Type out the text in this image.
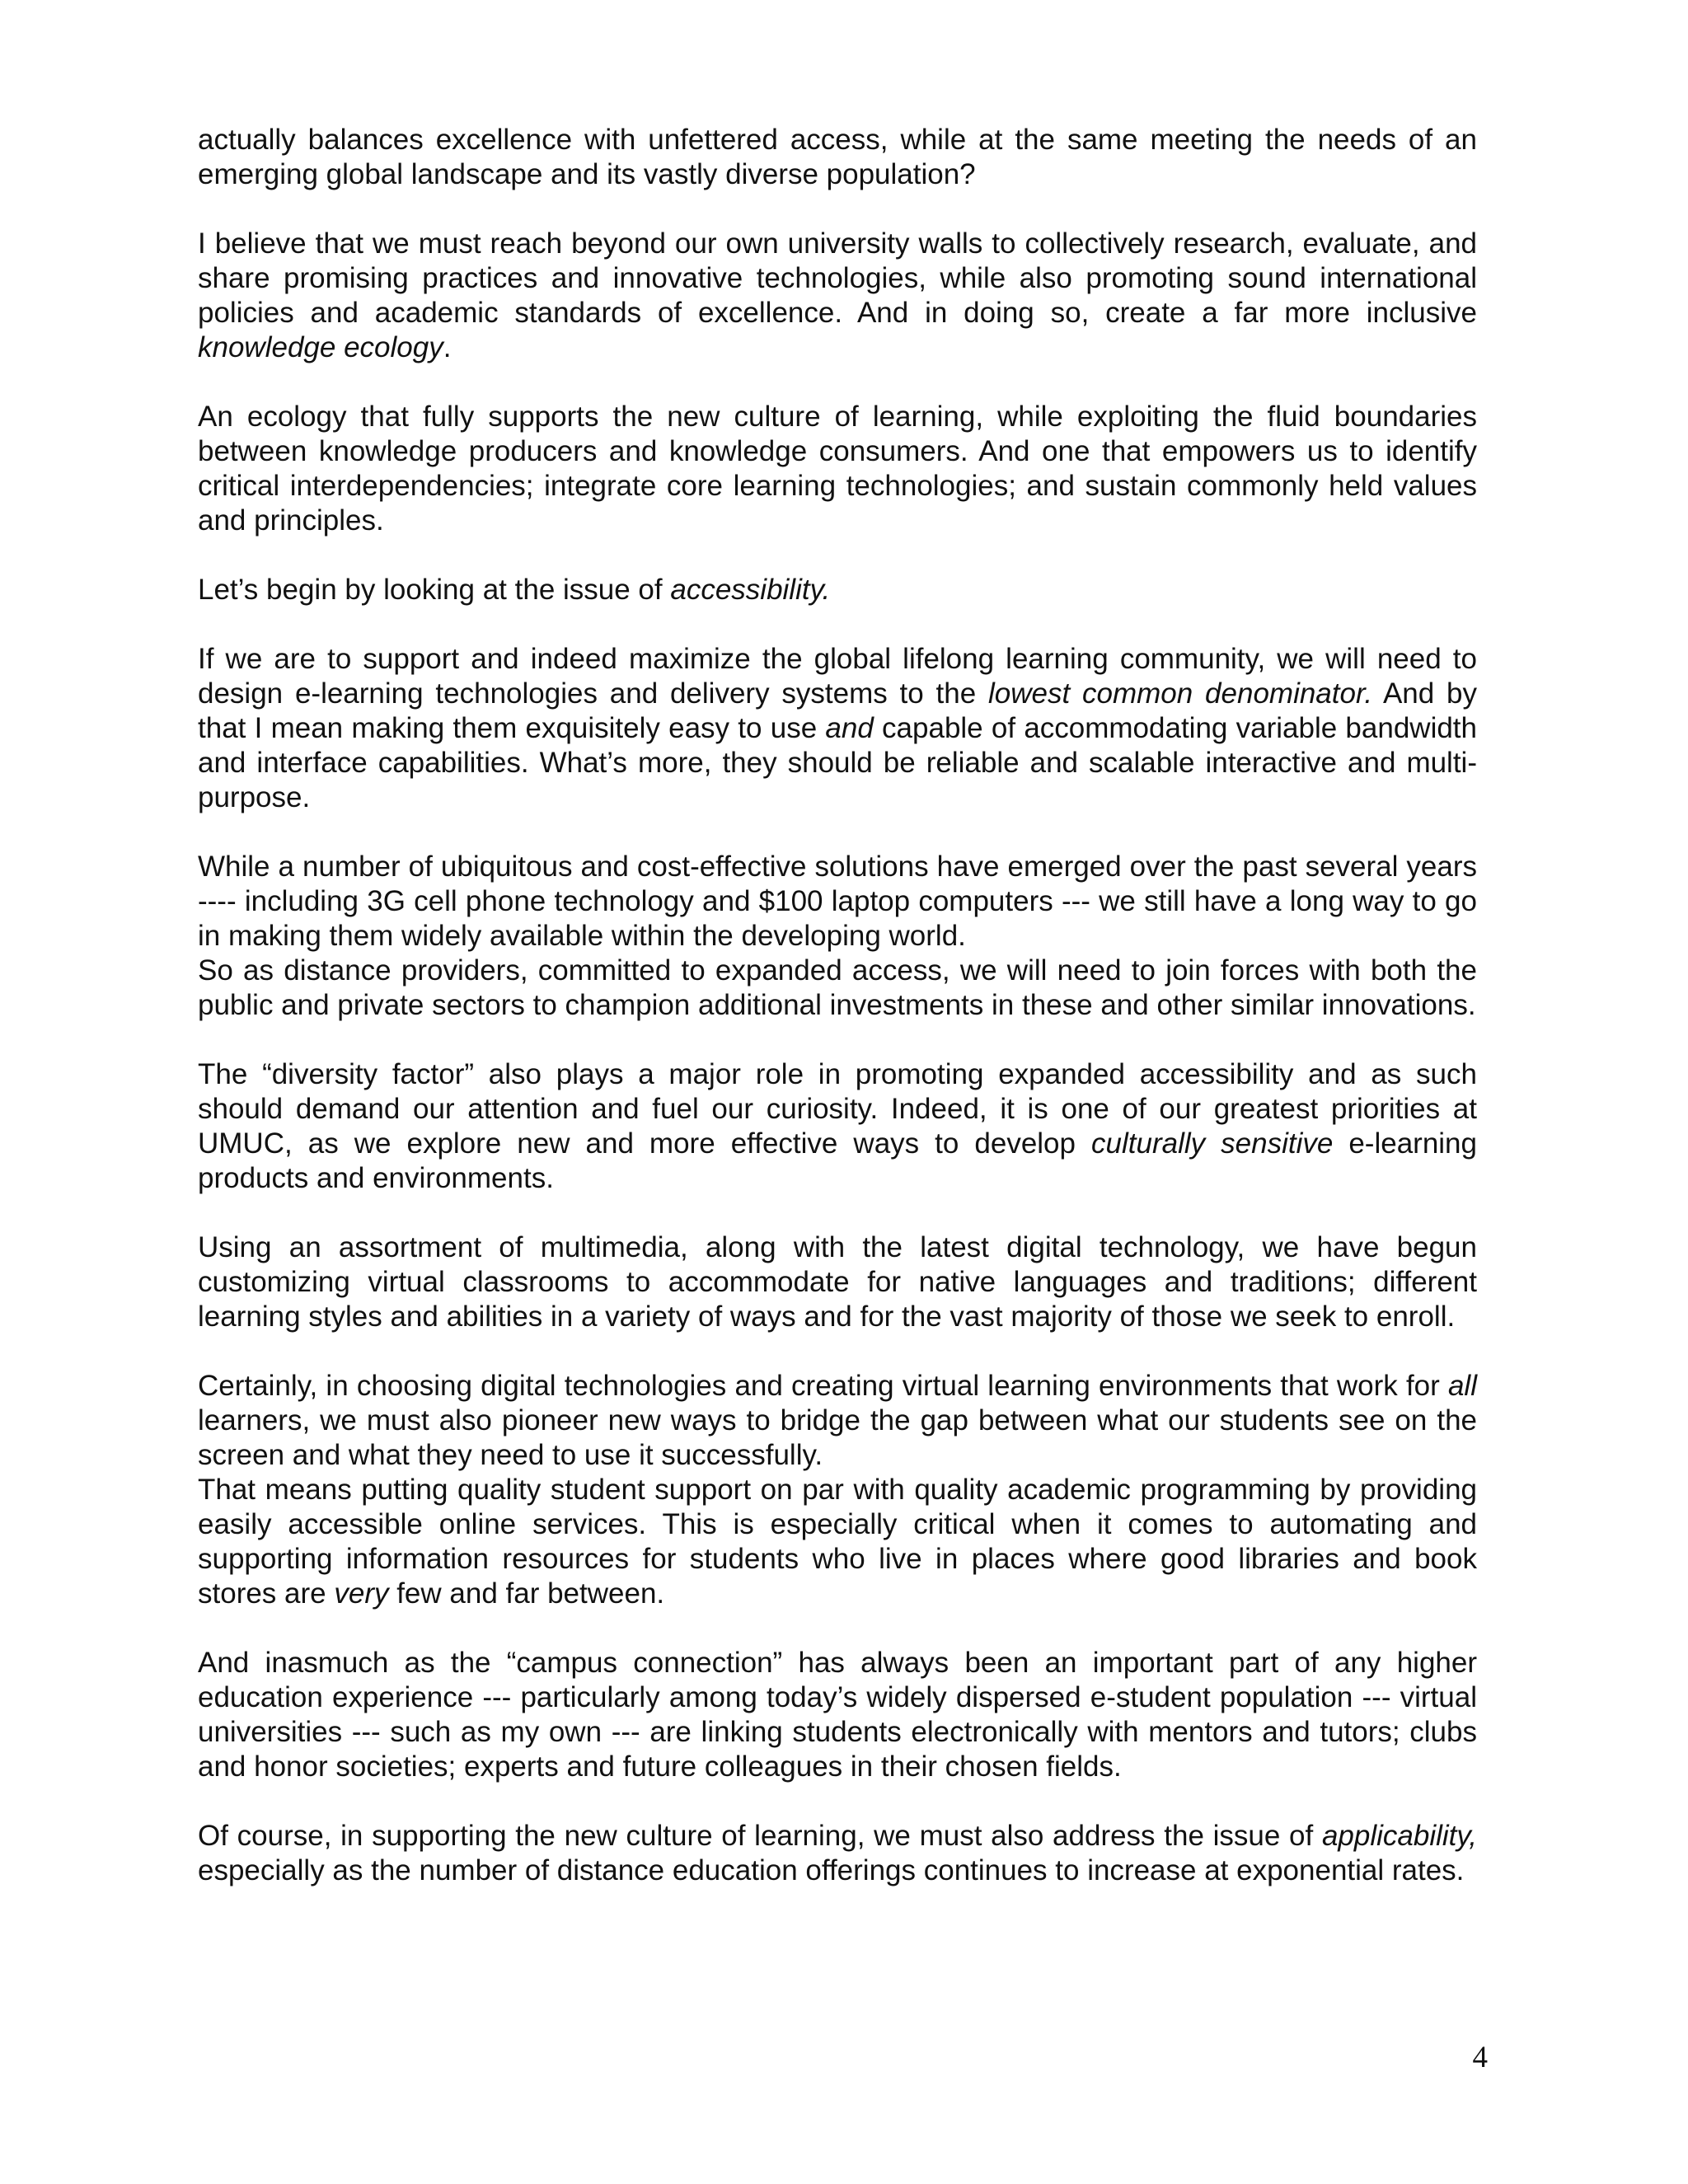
actually balances excellence with unfettered access, while at the same meeting the needs of an emerging global landscape and its vastly diverse population?

I believe that we must reach beyond our own university walls to collectively research, evaluate, and share promising practices and innovative technologies, while also promoting sound international policies and academic standards of excellence. And in doing so, create a far more inclusive knowledge ecology.

An ecology that fully supports the new culture of learning, while exploiting the fluid boundaries between knowledge producers and knowledge consumers. And one that empowers us to identify critical interdependencies; integrate core learning technologies; and sustain commonly held values and principles.

Let’s begin by looking at the issue of accessibility.

If we are to support and indeed maximize the global lifelong learning community, we will need to design e-learning technologies and delivery systems to the lowest common denominator. And by that I mean making them exquisitely easy to use and capable of accommodating variable bandwidth and interface capabilities. What’s more, they should be reliable and scalable interactive and multi-purpose.

While a number of ubiquitous and cost-effective solutions have emerged over the past several years ---- including 3G cell phone technology and $100 laptop computers --- we still have a long way to go in making them widely available within the developing world.

So as distance providers, committed to expanded access, we will need to join forces with both the public and private sectors to champion additional investments in these and other similar innovations.

The “diversity factor” also plays a major role in promoting expanded accessibility and as such should demand our attention and fuel our curiosity. Indeed, it is one of our greatest priorities at UMUC, as we explore new and more effective ways to develop culturally sensitive e-learning products and environments.

Using an assortment of multimedia, along with the latest digital technology, we have begun customizing virtual classrooms to accommodate for native languages and traditions; different learning styles and abilities in a variety of ways and for the vast majority of those we seek to enroll.

Certainly, in choosing digital technologies and creating virtual learning environments that work for all learners, we must also pioneer new ways to bridge the gap between what our students see on the screen and what they need to use it successfully.

That means putting quality student support on par with quality academic programming by providing easily accessible online services. This is especially critical when it comes to automating and supporting information resources for students who live in places where good libraries and book stores are very few and far between.

And inasmuch as the “campus connection” has always been an important part of any higher education experience --- particularly among today’s widely dispersed e-student population --- virtual universities --- such as my own --- are linking students electronically with mentors and tutors; clubs and honor societies; experts and future colleagues in their chosen fields.

Of course, in supporting the new culture of learning, we must also address the issue of applicability, especially as the number of distance education offerings continues to increase at exponential rates.

4
